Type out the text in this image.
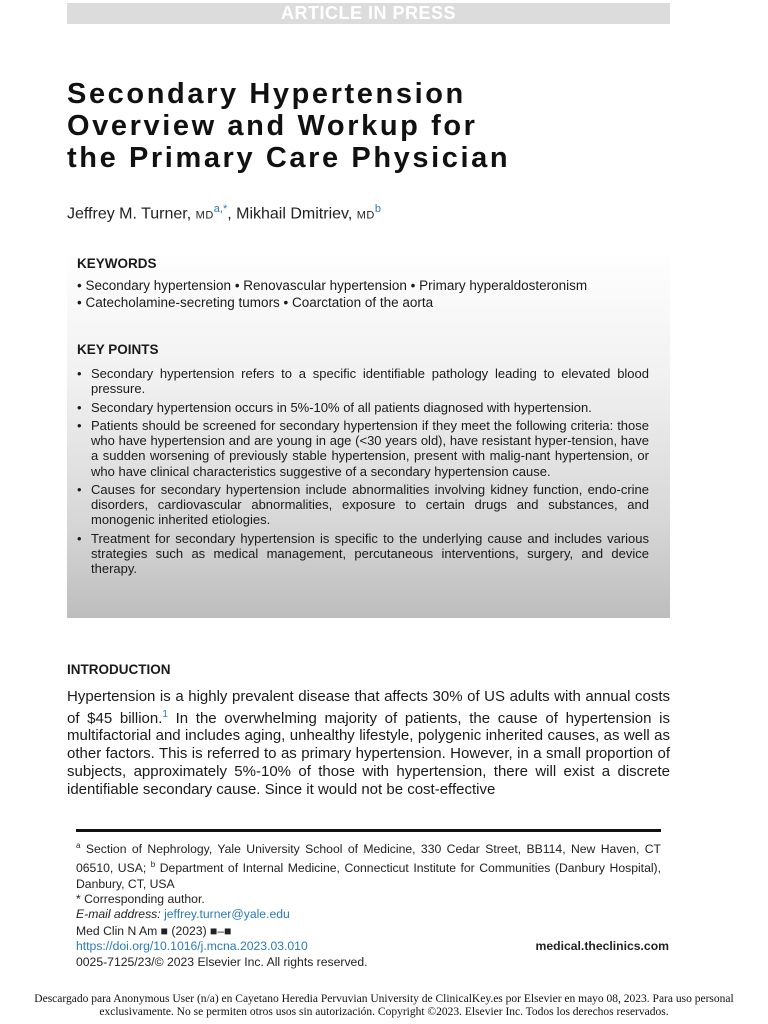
ARTICLE IN PRESS
Secondary Hypertension
Overview and Workup for
the Primary Care Physician
Jeffrey M. Turner, $MD^{a,*}$, Mikhail Dmitriev, $MD^b$
KEYWORDS
• Secondary hypertension • Renovascular hypertension • Primary hyperaldosteronism
• Catecholamine-secreting tumors • Coarctation of the aorta
KEY POINTS
• Secondary hypertension refers to a specific identifiable pathology leading to elevated blood pressure.
• Secondary hypertension occurs in 5%-10% of all patients diagnosed with hypertension.
• Patients should be screened for secondary hypertension if they meet the following criteria: those who have hypertension and are young in age (<30 years old), have resistant hyper-tension, have a sudden worsening of previously stable hypertension, present with malig-nant hypertension, or who have clinical characteristics suggestive of a secondary hypertension cause.
• Causes for secondary hypertension include abnormalities involving kidney function, endo-crine disorders, cardiovascular abnormalities, exposure to certain drugs and substances, and monogenic inherited etiologies.
• Treatment for secondary hypertension is specific to the underlying cause and includes various strategies such as medical management, percutaneous interventions, surgery, and device therapy.
INTRODUCTION

Hypertension is a highly prevalent disease that affects 30% of US adults with annual costs of $45 billion.$^1$ In the overwhelming majority of patients, the cause of hypertension is multifactorial and includes aging, unhealthy lifestyle, polygenic inherited causes, as well as other factors. This is referred to as primary hypertension. However, in a small proportion of subjects, approximately 5%-10% of those with hypertension, there will exist a discrete identifiable secondary cause. Since it would not be cost-effective

$^a$ Section of Nephrology, Yale University School of Medicine, 330 Cedar Street, BB114, New Haven, CT 06510, USA; $^b$ Department of Internal Medicine, Connecticut Institute for Communities (Danbury Hospital), Danbury, CT, USA
* Corresponding author.
E-mail address: jeffrey.turner@yale.edu

Med Clin N Am ■ (2023) ■–■
https://doi.org/10.1016/j.mcna.2023.03.010
0025-7125/23/© 2023 Elsevier Inc. All rights reserved.
medical.theclinics.com
Descargado para Anonymous User (n/a) en Cayetano Heredia Pervuvian University de ClinicalKey.es por Elsevier en mayo 08, 2023. Para uso personal exclusivamente. No se permiten otros usos sin autorización. Copyright ©2023. Elsevier Inc. Todos los derechos reservados.
